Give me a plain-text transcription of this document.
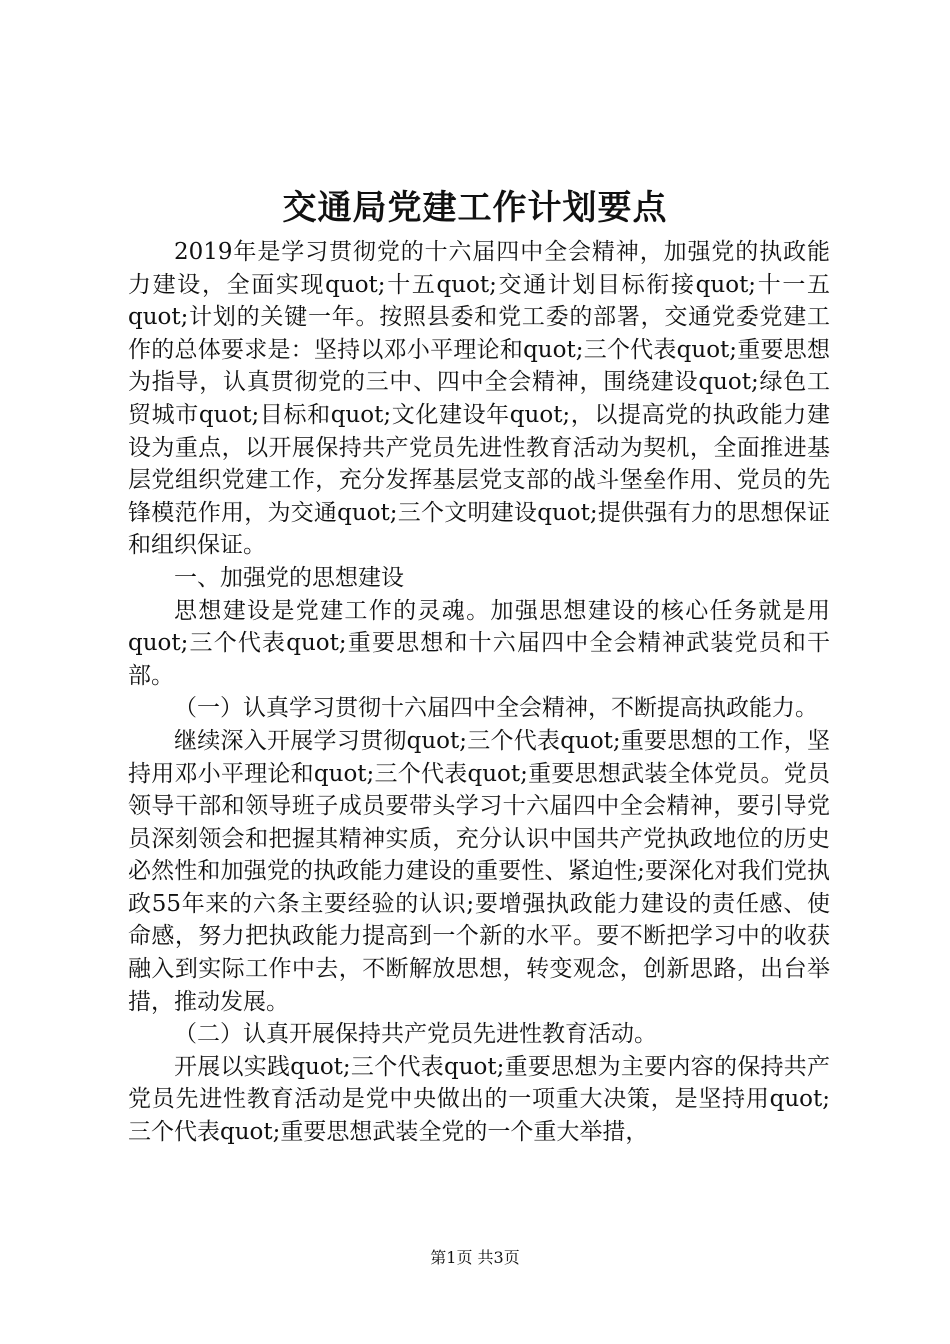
交通局党建工作计划要点

2019年是学习贯彻党的十六届四中全会精神，加强党的执政能力建设，全面实现quot;十五quot;交通计划目标衔接quot;十一五quot;计划的关键一年。按照县委和党工委的部署，交通党委党建工作的总体要求是：坚持以邓小平理论和quot;三个代表quot;重要思想为指导，认真贯彻党的三中、四中全会精神，围绕建设quot;绿色工贸城市quot;目标和quot;文化建设年quot;，以提高党的执政能力建设为重点，以开展保持共产党员先进性教育活动为契机，全面推进基层党组织党建工作，充分发挥基层党支部的战斗堡垒作用、党员的先锋模范作用，为交通quot;三个文明建设quot;提供强有力的思想保证和组织保证。

一、加强党的思想建设

思想建设是党建工作的灵魂。加强思想建设的核心任务就是用quot;三个代表quot;重要思想和十六届四中全会精神武装党员和干部。

（一）认真学习贯彻十六届四中全会精神，不断提高执政能力。

继续深入开展学习贯彻quot;三个代表quot;重要思想的工作，坚持用邓小平理论和quot;三个代表quot;重要思想武装全体党员。党员领导干部和领导班子成员要带头学习十六届四中全会精神，要引导党员深刻领会和把握其精神实质，充分认识中国共产党执政地位的历史必然性和加强党的执政能力建设的重要性、紧迫性;要深化对我们党执政55年来的六条主要经验的认识;要增强执政能力建设的责任感、使命感，努力把执政能力提高到一个新的水平。要不断把学习中的收获融入到实际工作中去，不断解放思想，转变观念，创新思路，出台举措，推动发展。

（二）认真开展保持共产党员先进性教育活动。

开展以实践quot;三个代表quot;重要思想为主要内容的保持共产党员先进性教育活动是党中央做出的一项重大决策，是坚持用quot;三个代表quot;重要思想武装全党的一个重大举措，

第1页 共3页
